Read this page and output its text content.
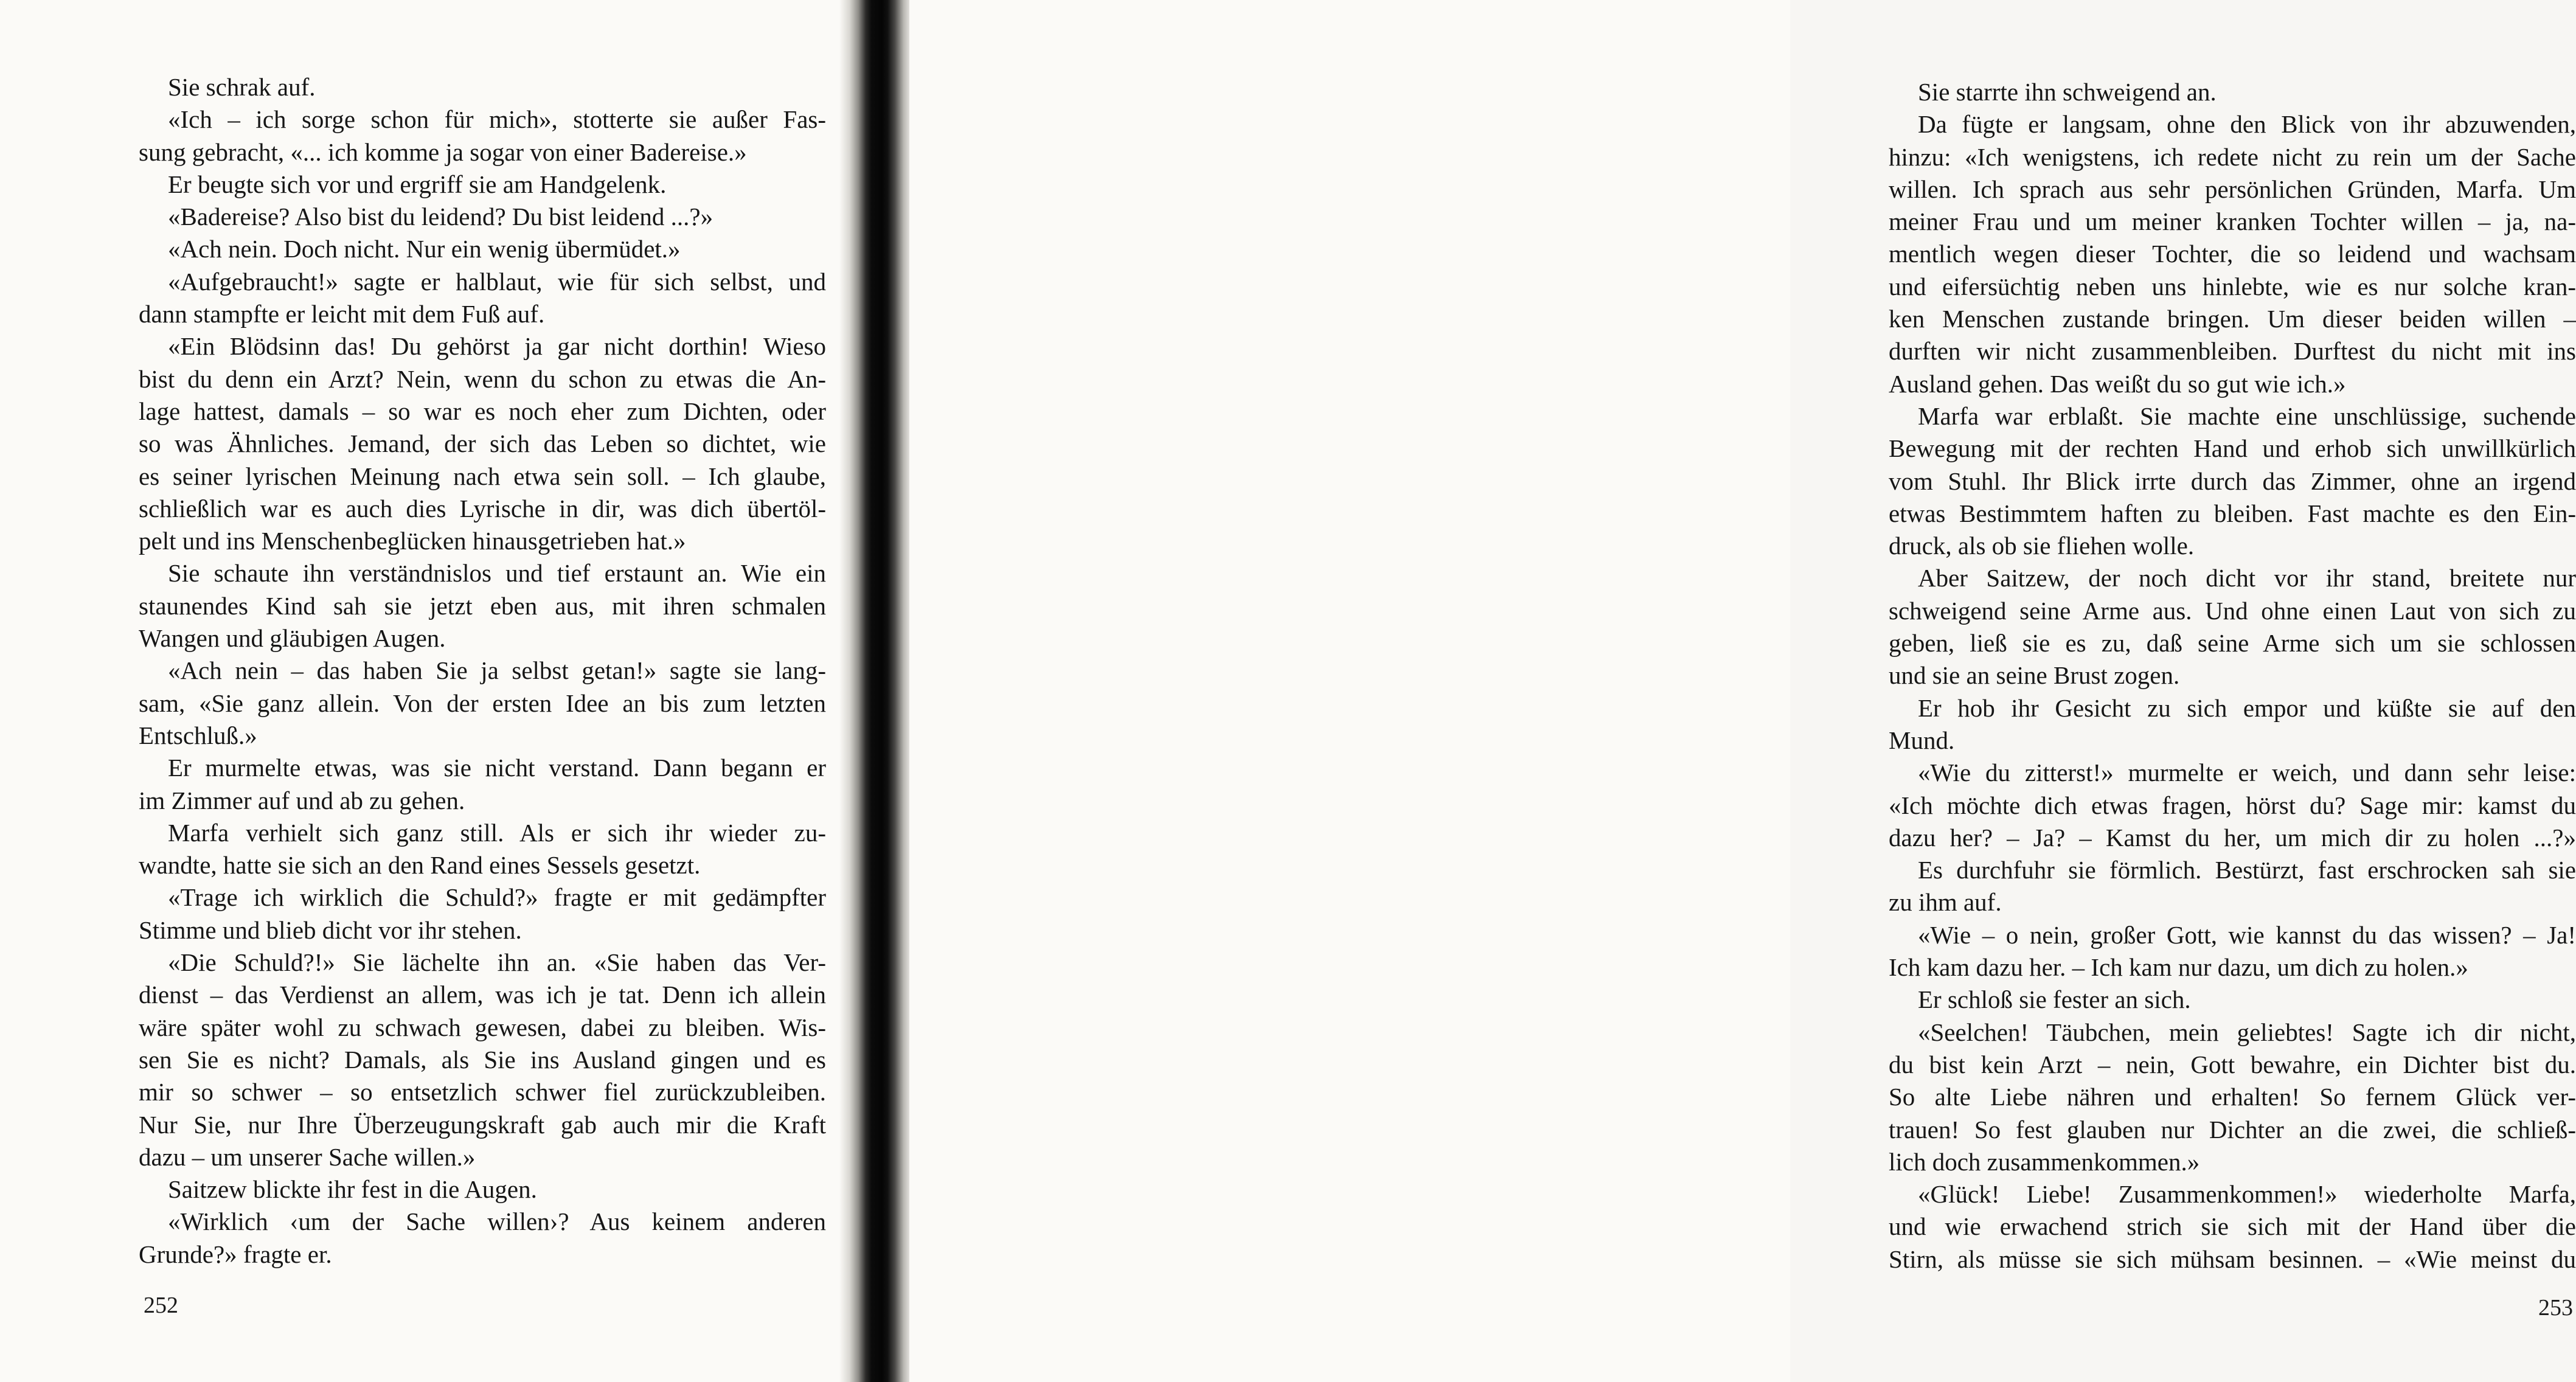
Sie schrak auf.
«Ich – ich sorge schon für mich», stotterte sie außer Fas-
sung gebracht, «... ich komme ja sogar von einer Badereise.»
Er beugte sich vor und ergriff sie am Handgelenk.
«Badereise? Also bist du leidend? Du bist leidend ...?»
«Ach nein. Doch nicht. Nur ein wenig übermüdet.»
«Aufgebraucht!» sagte er halblaut, wie für sich selbst, und
dann stampfte er leicht mit dem Fuß auf.
«Ein Blödsinn das! Du gehörst ja gar nicht dorthin! Wieso
bist du denn ein Arzt? Nein, wenn du schon zu etwas die An-
lage hattest, damals – so war es noch eher zum Dichten, oder
so was Ähnliches. Jemand, der sich das Leben so dichtet, wie
es seiner lyrischen Meinung nach etwa sein soll. – Ich glaube,
schließlich war es auch dies Lyrische in dir, was dich übertöl-
pelt und ins Menschenbeglücken hinausgetrieben hat.»
Sie schaute ihn verständnislos und tief erstaunt an. Wie ein
staunendes Kind sah sie jetzt eben aus, mit ihren schmalen
Wangen und gläubigen Augen.
«Ach nein – das haben Sie ja selbst getan!» sagte sie lang-
sam, «Sie ganz allein. Von der ersten Idee an bis zum letzten
Entschluß.»
Er murmelte etwas, was sie nicht verstand. Dann begann er
im Zimmer auf und ab zu gehen.
Marfa verhielt sich ganz still. Als er sich ihr wieder zu-
wandte, hatte sie sich an den Rand eines Sessels gesetzt.
«Trage ich wirklich die Schuld?» fragte er mit gedämpfter
Stimme und blieb dicht vor ihr stehen.
«Die Schuld?!» Sie lächelte ihn an. «Sie haben das Ver-
dienst – das Verdienst an allem, was ich je tat. Denn ich allein
wäre später wohl zu schwach gewesen, dabei zu bleiben. Wis-
sen Sie es nicht? Damals, als Sie ins Ausland gingen und es
mir so schwer – so entsetzlich schwer fiel zurückzubleiben.
Nur Sie, nur Ihre Überzeugungskraft gab auch mir die Kraft
dazu – um unserer Sache willen.»
Saitzew blickte ihr fest in die Augen.
«Wirklich ‹um der Sache willen›? Aus keinem anderen
Grunde?» fragte er.
252
Sie starrte ihn schweigend an.
Da fügte er langsam, ohne den Blick von ihr abzuwenden,
hinzu: «Ich wenigstens, ich redete nicht zu rein um der Sache
willen. Ich sprach aus sehr persönlichen Gründen, Marfa. Um
meiner Frau und um meiner kranken Tochter willen – ja, na-
mentlich wegen dieser Tochter, die so leidend und wachsam
und eifersüchtig neben uns hinlebte, wie es nur solche kran-
ken Menschen zustande bringen. Um dieser beiden willen –
durften wir nicht zusammenbleiben. Durftest du nicht mit ins
Ausland gehen. Das weißt du so gut wie ich.»
Marfa war erblaßt. Sie machte eine unschlüssige, suchende
Bewegung mit der rechten Hand und erhob sich unwillkürlich
vom Stuhl. Ihr Blick irrte durch das Zimmer, ohne an irgend
etwas Bestimmtem haften zu bleiben. Fast machte es den Ein-
druck, als ob sie fliehen wolle.
Aber Saitzew, der noch dicht vor ihr stand, breitete nur
schweigend seine Arme aus. Und ohne einen Laut von sich zu
geben, ließ sie es zu, daß seine Arme sich um sie schlossen
und sie an seine Brust zogen.
Er hob ihr Gesicht zu sich empor und küßte sie auf den
Mund.
«Wie du zitterst!» murmelte er weich, und dann sehr leise:
«Ich möchte dich etwas fragen, hörst du? Sage mir: kamst du
dazu her? – Ja? – Kamst du her, um mich dir zu holen ...?»
Es durchfuhr sie förmlich. Bestürzt, fast erschrocken sah sie
zu ihm auf.
«Wie – o nein, großer Gott, wie kannst du das wissen? – Ja!
Ich kam dazu her. – Ich kam nur dazu, um dich zu holen.»
Er schloß sie fester an sich.
«Seelchen! Täubchen, mein geliebtes! Sagte ich dir nicht,
du bist kein Arzt – nein, Gott bewahre, ein Dichter bist du.
So alte Liebe nähren und erhalten! So fernem Glück ver-
trauen! So fest glauben nur Dichter an die zwei, die schließ-
lich doch zusammenkommen.»
«Glück! Liebe! Zusammenkommen!» wiederholte Marfa,
und wie erwachend strich sie sich mit der Hand über die
Stirn, als müsse sie sich mühsam besinnen. – «Wie meinst du
253
